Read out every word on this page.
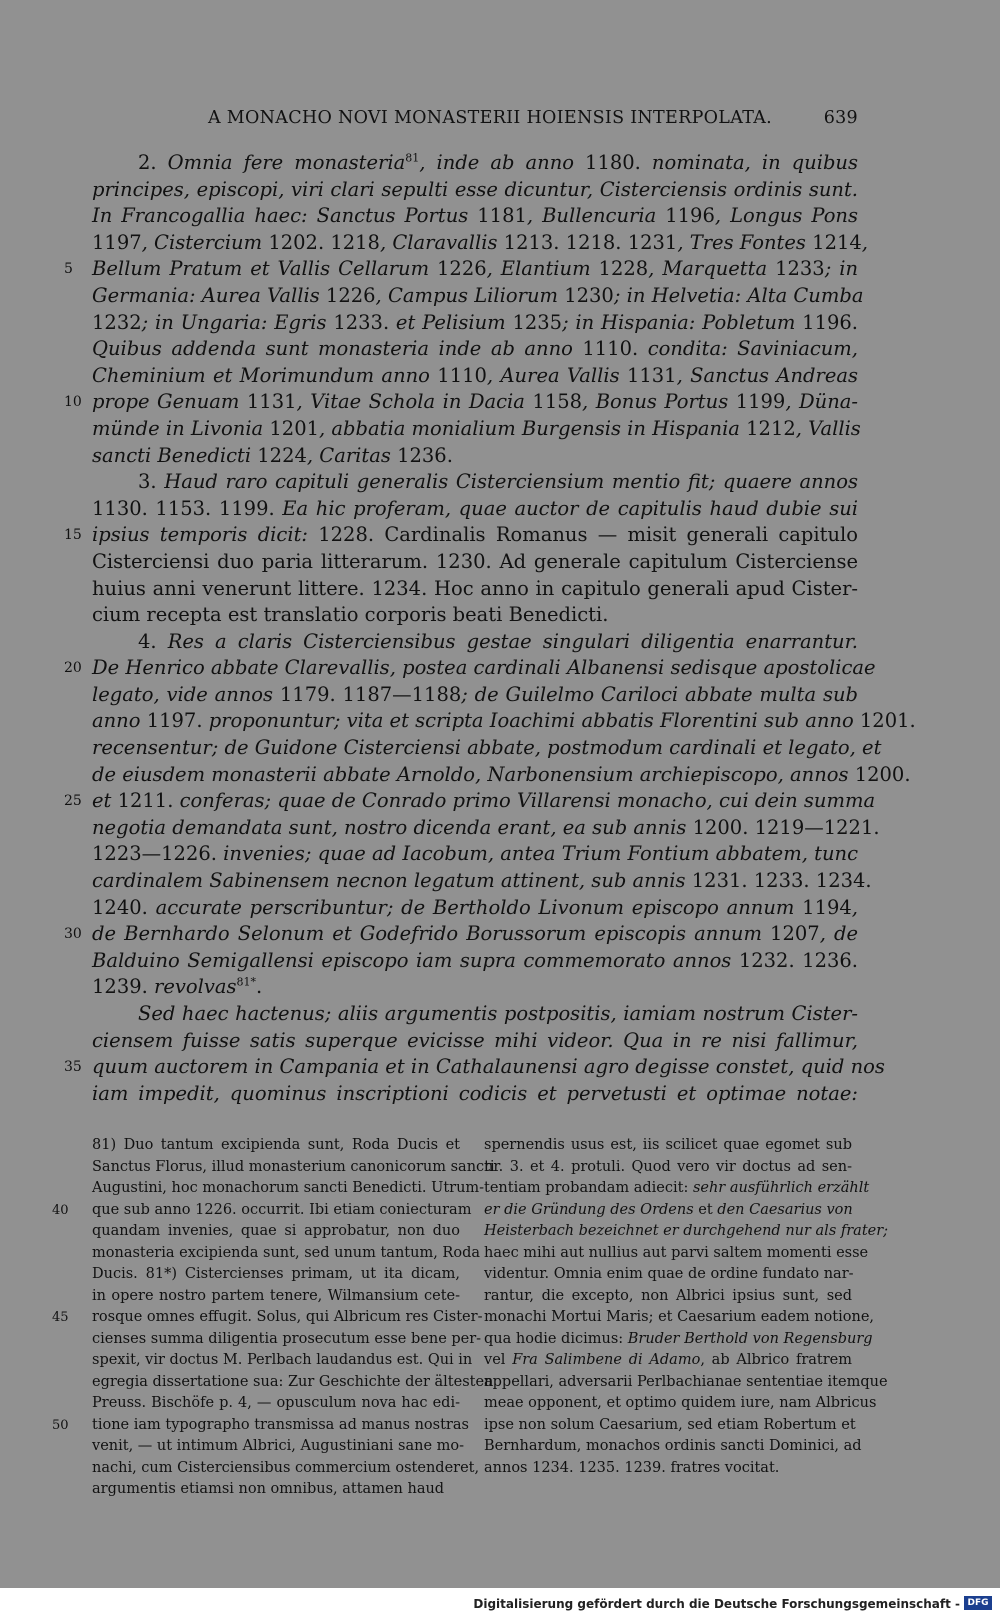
A MONACHO NOVI MONASTERII HOIENSIS INTERPOLATA.	639
2. Omnia fere monasteria$^{81}$, inde ab anno 1180. nominata, in quibus
principes, episcopi, viri clari sepulti esse dicuntur, Cisterciensis ordinis sunt.
In Francogallia haec: Sanctus Portus 1181, Bullencuria 1196, Longus Pons
1197, Cistercium 1202. 1218, Claravallis 1213. 1218. 1231, Tres Fontes 1214,
5 Bellum Pratum et Vallis Cellarum 1226, Elantium 1228, Marquetta 1233; in
Germania: Aurea Vallis 1226, Campus Liliorum 1230; in Helvetia: Alta Cumba
1232; in Ungaria: Egris 1233. et Pelisium 1235; in Hispania: Pobletum 1196.
Quibus addenda sunt monasteria inde ab anno 1110. condita: Saviniacum,
Cheminium et Morimundum anno 1110, Aurea Vallis 1131, Sanctus Andreas
10 prope Genuam 1131, Vitae Schola in Dacia 1158, Bonus Portus 1199, Düna-
münde in Livonia 1201, abbatia monialium Burgensis in Hispania 1212, Vallis
sancti Benedicti 1224, Caritas 1236.
3. Haud raro capituli generalis Cisterciensium mentio fit; quaere annos
1130. 1153. 1199. Ea hic proferam, quae auctor de capitulis haud dubie sui
15 ipsius temporis dicit: 1228. Cardinalis Romanus — misit generali capitulo
Cisterciensi duo paria litterarum. 1230. Ad generale capitulum Cisterciense
huius anni venerunt littere. 1234. Hoc anno in capitulo generali apud Cister-
cium recepta est translatio corporis beati Benedicti.
4. Res a claris Cisterciensibus gestae singulari diligentia enarrantur.
20 De Henrico abbate Clarevallis, postea cardinali Albanensi sedisque apostolicae
legato, vide annos 1179. 1187—1188; de Guilelmo Cariloci abbate multa sub
anno 1197. proponuntur; vita et scripta Ioachimi abbatis Florentini sub anno 1201.
recensentur; de Guidone Cisterciensi abbate, postmodum cardinali et legato, et
de eiusdem monasterii abbate Arnoldo, Narbonensium archiepiscopo, annos 1200.
25 et 1211. conferas; quae de Conrado primo Villarensi monacho, cui dein summa
negotia demandata sunt, nostro dicenda erant, ea sub annis 1200. 1219—1221.
1223—1226. invenies; quae ad Iacobum, antea Trium Fontium abbatem, tunc
cardinalem Sabinensem necnon legatum attinent, sub annis 1231. 1233. 1234.
1240. accurate perscribuntur; de Bertholdo Livonum episcopo annum 1194,
30 de Bernhardo Selonum et Godefrido Borussorum episcopis annum 1207, de
Balduino Semigallensi episcopo iam supra commemorato annos 1232. 1236.
1239. revolvas$^{81*}$.
Sed haec hactenus; aliis argumentis postpositis, iamiam nostrum Cister-
ciensem fuisse satis superque evicisse mihi videor. Qua in re nisi fallimur,
35 quum auctorem in Campania et in Cathalaunensi agro degisse constet, quid nos
iam impedit, quominus inscriptioni codicis et pervetusti et optimae notae:
81) Duo tantum excipienda sunt, Roda Ducis et
Sanctus Florus, illud monasterium canonicorum sancti
Augustini, hoc monachorum sancti Benedicti. Utrum-
40	que sub anno 1226. occurrit. Ibi etiam coniecturam
quandam invenies, quae si approbatur, non duo
monasteria excipienda sunt, sed unum tantum, Roda
Ducis. 81*) Cistercienses primam, ut ita dicam,
in opere nostro partem tenere, Wilmansium cete-
45	rosque omnes effugit. Solus, qui Albricum res Cister-
cienses summa diligentia prosecutum esse bene per-
spexit, vir doctus M. Perlbach laudandus est. Qui in
egregia dissertatione sua: Zur Geschichte der ältesten
Preuss. Bischöfe p. 4, — opusculum nova hac edi-
50	tione iam typographo transmissa ad manus nostras
venit, — ut intimum Albrici, Augustiniani sane mo-
nachi, cum Cisterciensibus commercium ostenderet,
argumentis etiamsi non omnibus, attamen haud
spernendis usus est, iis scilicet quae egomet sub
nr. 3. et 4. protuli. Quod vero vir doctus ad sen-
tentiam probandam adiecit: sehr ausführlich erzählt
er die Gründung des Ordens et den Caesarius von
Heisterbach bezeichnet er durchgehend nur als frater;
haec mihi aut nullius aut parvi saltem momenti esse
videntur. Omnia enim quae de ordine fundato nar-
rantur, die excepto, non Albrici ipsius sunt, sed
monachi Mortui Maris; et Caesarium eadem notione,
qua hodie dicimus: Bruder Berthold von Regensburg
vel Fra Salimbene di Adamo, ab Albrico fratrem
appellari, adversarii Perlbachianae sententiae itemque
meae opponent, et optimo quidem iure, nam Albricus
ipse non solum Caesarium, sed etiam Robertum et
Bernhardum, monachos ordinis sancti Dominici, ad
annos 1234. 1235. 1239. fratres vocitat.
Digitalisierung gefördert durch die Deutsche Forschungsgemeinschaft - DFG
